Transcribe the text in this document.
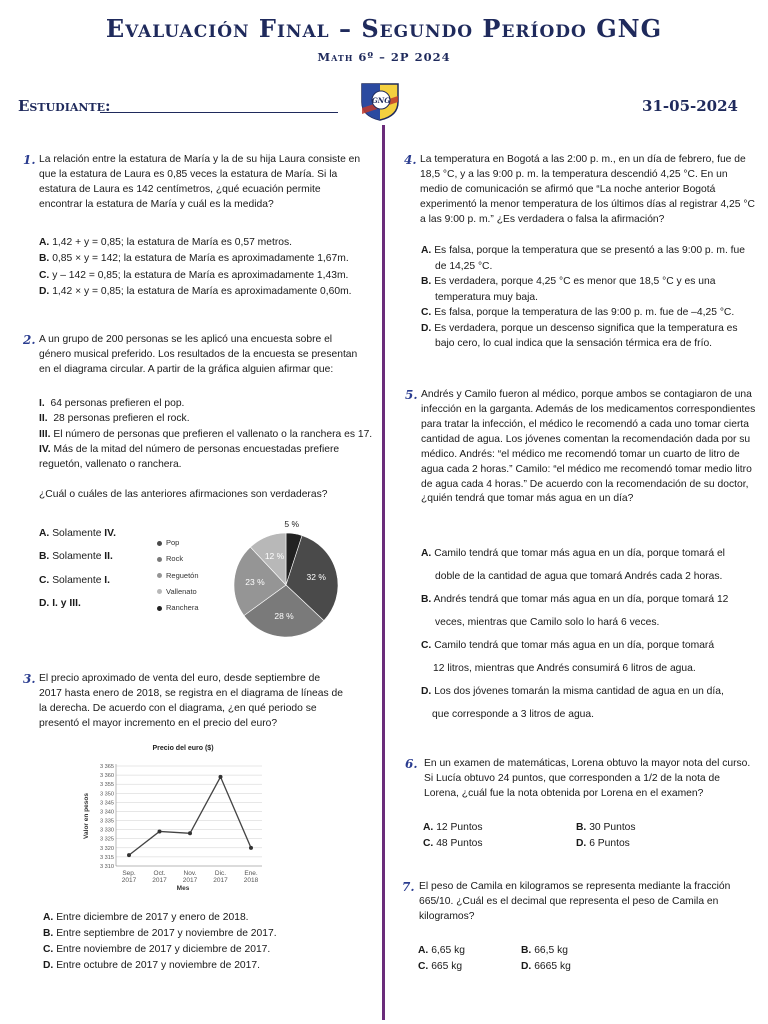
Evaluación Final – Segundo Período GNG
Math 6º – 2P 2024
Estudiante:	GNG	31-05-2024
1. La relación entre la estatura de María y la de su hija Laura consiste en que la estatura de Laura es 0,85 veces la estatura de María. Si la estatura de Laura es 142 centímetros, ¿qué ecuación permite encontrar la estatura de María y cuál es la medida?
A. 1,42 + y = 0,85; la estatura de María es 0,57 metros.
B. 0,85 × y = 142; la estatura de María es aproximadamente 1,67m.
C. y – 142 = 0,85; la estatura de María es aproximadamente 1,43m.
D. 1,42 × y = 0,85; la estatura de María es aproximadamente 0,60m.
2. A un grupo de 200 personas se les aplicó una encuesta sobre el género musical preferido. Los resultados de la encuesta se presentan en el diagrama circular. A partir de la gráfica alguien afirmar que:
I. 64 personas prefieren el pop.
II. 28 personas prefieren el rock.
III. El número de personas que prefieren el vallenato o la ranchera es 17.
IV. Más de la mitad del número de personas encuestadas prefiere reguetón, vallenato o ranchera.
¿Cuál o cuáles de las anteriores afirmaciones son verdaderas?
A. Solamente IV.
B. Solamente II.
C. Solamente I.
D. I. y III.
Pop
Rock
Reguetón
Vallenato
Ranchera
5 %
32 %
28 %
23 %
12 %
3. El precio aproximado de venta del euro, desde septiembre de 2017 hasta enero de 2018, se registra en el diagrama de líneas de la derecha. De acuerdo con el diagrama, ¿en qué periodo se presentó el mayor incremento en el precio del euro?
Precio del euro ($)
3 310
3 315
3 320
3 325
3 330
3 335
3 340
3 345
3 350
3 355
3 360
3 365
Valor en pesos
Sep.
2017
Oct.
2017
Nov.
2017
Dic.
2017
Ene.
2018
Mes
A. Entre diciembre de 2017 y enero de 2018.
B. Entre septiembre de 2017 y noviembre de 2017.
C. Entre noviembre de 2017 y diciembre de 2017.
D. Entre octubre de 2017 y noviembre de 2017.
4. La temperatura en Bogotá a las 2:00 p. m., en un día de febrero, fue de 18,5 °C, y a las 9:00 p. m. la temperatura descendió 4,25 °C. En un medio de comunicación se afirmó que “La noche anterior Bogotá experimentó la menor temperatura de los últimos días al registrar 4,25 °C a las 9:00 p. m.” ¿Es verdadera o falsa la afirmación?
A. Es falsa, porque la temperatura que se presentó a las 9:00 p. m. fue de 14,25 °C.
B. Es verdadera, porque 4,25 °C es menor que 18,5 °C y es una temperatura muy baja.
C. Es falsa, porque la temperatura de las 9:00 p. m. fue de –4,25 °C.
D. Es verdadera, porque un descenso significa que la temperatura es bajo cero, lo cual indica que la sensación térmica era de frío.
5. Andrés y Camilo fueron al médico, porque ambos se contagiaron de una infección en la garganta. Además de los medicamentos correspondientes para tratar la infección, el médico le recomendó a cada uno tomar cierta cantidad de agua. Los jóvenes comentan la recomendación dada por su médico. Andrés: “el médico me recomendó tomar un cuarto de litro de agua cada 2 horas.” Camilo: “el médico me recomendó tomar medio litro de agua cada 4 horas.” De acuerdo con la recomendación de su doctor, ¿quién tendrá que tomar más agua en un día?
A. Camilo tendrá que tomar más agua en un día, porque tomará el
doble de la cantidad de agua que tomará Andrés cada 2 horas.
B. Andrés tendrá que tomar más agua en un día, porque tomará 12
veces, mientras que Camilo solo lo hará 6 veces.
C. Camilo tendrá que tomar más agua en un día, porque tomará
12 litros, mientras que Andrés consumirá 6 litros de agua.
D. Los dos jóvenes tomarán la misma cantidad de agua en un día,
que corresponde a 3 litros de agua.
6. En un examen de matemáticas, Lorena obtuvo la mayor nota del curso. Si Lucía obtuvo 24 puntos, que corresponden a 1/2 de la nota de Lorena, ¿cuál fue la nota obtenida por Lorena en el examen?
A. 12 Puntos	B. 30 Puntos
C. 48 Puntos	D. 6 Puntos
7. El peso de Camila en kilogramos se representa mediante la fracción 665/10. ¿Cuál es el decimal que representa el peso de Camila en kilogramos?
A. 6,65 kg	B. 66,5 kg
C. 665 kg	D. 6665 kg
